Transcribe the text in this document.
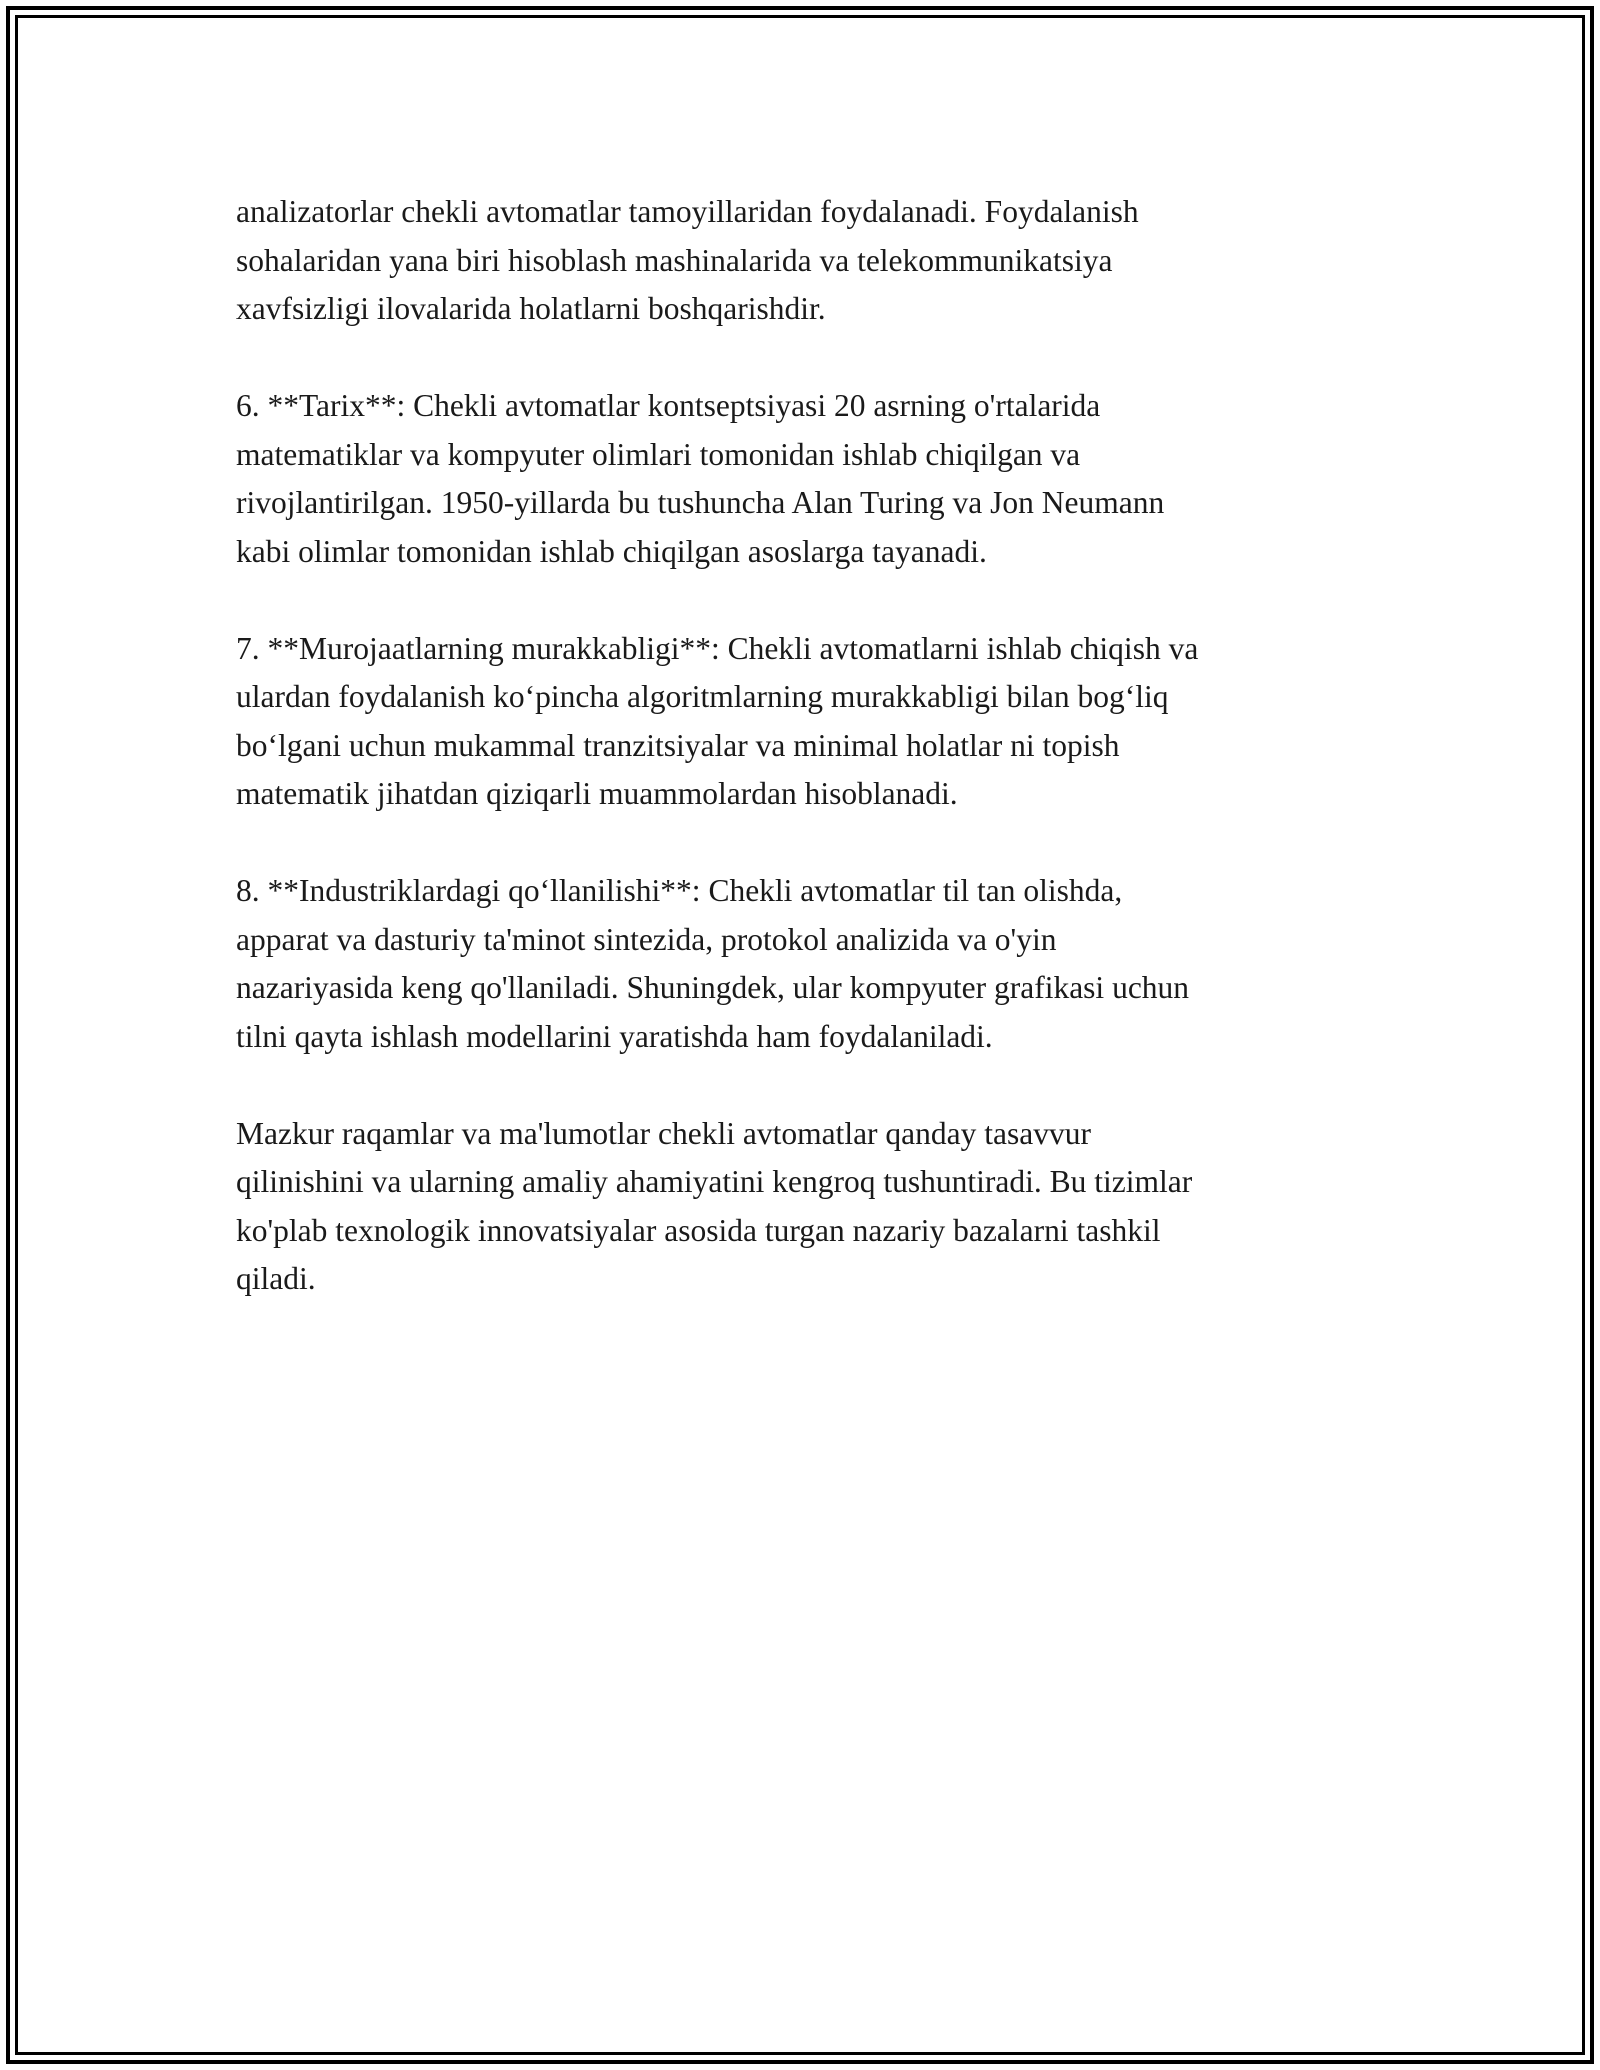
analizatorlar chekli avtomatlar tamoyillaridan foydalanadi. Foydalanish
sohalaridan yana biri hisoblash mashinalarida va telekommunikatsiya
xavfsizligi ilovalarida holatlarni boshqarishdir.

6. **Tarix**: Chekli avtomatlar kontseptsiyasi 20 asrning o'rtalarida
matematiklar va kompyuter olimlari tomonidan ishlab chiqilgan va
rivojlantirilgan. 1950-yillarda bu tushuncha Alan Turing va Jon Neumann
kabi olimlar tomonidan ishlab chiqilgan asoslarga tayanadi.

7. **Murojaatlarning murakkabligi**: Chekli avtomatlarni ishlab chiqish va
ulardan foydalanish ko‘pincha algoritmlarning murakkabligi bilan bog‘liq
bo‘lgani uchun mukammal tranzitsiyalar va minimal holatlar ni topish
matematik jihatdan qiziqarli muammolardan hisoblanadi.

8. **Industriklardagi qo‘llanilishi**: Chekli avtomatlar til tan olishda,
apparat va dasturiy ta'minot sintezida, protokol analizida va o'yin
nazariyasida keng qo'llaniladi. Shuningdek, ular kompyuter grafikasi uchun
tilni qayta ishlash modellarini yaratishda ham foydalaniladi.

Mazkur raqamlar va ma'lumotlar chekli avtomatlar qanday tasavvur
qilinishini va ularning amaliy ahamiyatini kengroq tushuntiradi. Bu tizimlar
ko'plab texnologik innovatsiyalar asosida turgan nazariy bazalarni tashkil
qiladi.
